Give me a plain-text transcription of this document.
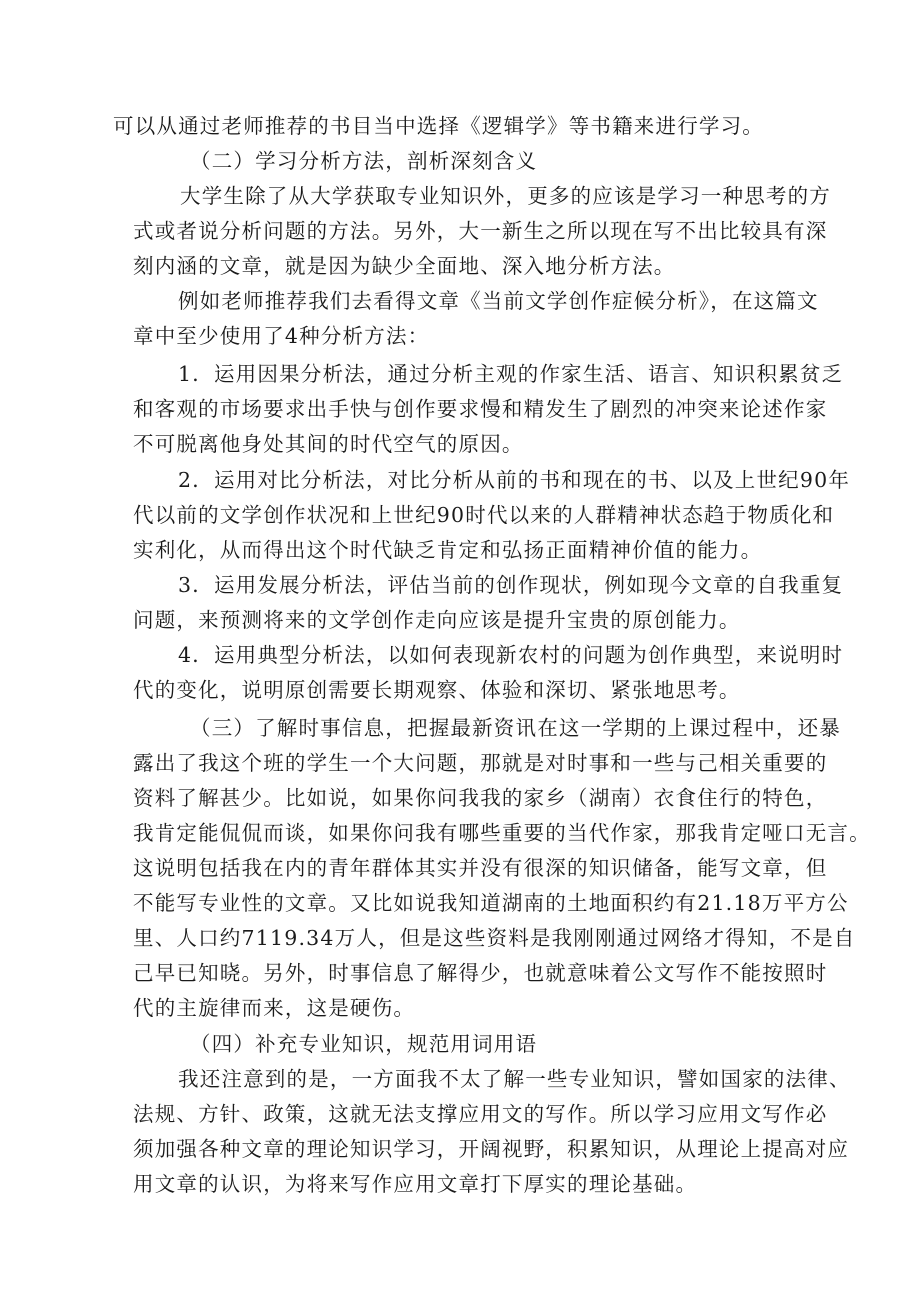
可以从通过老师推荐的书目当中选择《逻辑学》等书籍来进行学习。
（二）学习分析方法，剖析深刻含义
大学生除了从大学获取专业知识外，更多的应该是学习一种思考的方
式或者说分析问题的方法。另外，大一新生之所以现在写不出比较具有深
刻内涵的文章，就是因为缺少全面地、深入地分析方法。
例如老师推荐我们去看得文章《当前文学创作症候分析》，在这篇文
章中至少使用了4种分析方法：
1．运用因果分析法，通过分析主观的作家生活、语言、知识积累贫乏
和客观的市场要求出手快与创作要求慢和精发生了剧烈的冲突来论述作家
不可脱离他身处其间的时代空气的原因。
2．运用对比分析法，对比分析从前的书和现在的书、以及上世纪90年
代以前的文学创作状况和上世纪90时代以来的人群精神状态趋于物质化和
实利化，从而得出这个时代缺乏肯定和弘扬正面精神价值的能力。
3．运用发展分析法，评估当前的创作现状，例如现今文章的自我重复
问题，来预测将来的文学创作走向应该是提升宝贵的原创能力。
4．运用典型分析法，以如何表现新农村的问题为创作典型，来说明时
代的变化，说明原创需要长期观察、体验和深切、紧张地思考。
（三）了解时事信息，把握最新资讯在这一学期的上课过程中，还暴
露出了我这个班的学生一个大问题，那就是对时事和一些与己相关重要的
资料了解甚少。比如说，如果你问我我的家乡（湖南）衣食住行的特色，
我肯定能侃侃而谈，如果你问我有哪些重要的当代作家，那我肯定哑口无言。
这说明包括我在内的青年群体其实并没有很深的知识储备，能写文章，但
不能写专业性的文章。又比如说我知道湖南的土地面积约有21.18万平方公
里、人口约7119.34万人，但是这些资料是我刚刚通过网络才得知，不是自
己早已知晓。另外，时事信息了解得少，也就意味着公文写作不能按照时
代的主旋律而来，这是硬伤。
（四）补充专业知识，规范用词用语
我还注意到的是，一方面我不太了解一些专业知识，譬如国家的法律、
法规、方针、政策，这就无法支撑应用文的写作。所以学习应用文写作必
须加强各种文章的理论知识学习，开阔视野，积累知识，从理论上提高对应
用文章的认识，为将来写作应用文章打下厚实的理论基础。
